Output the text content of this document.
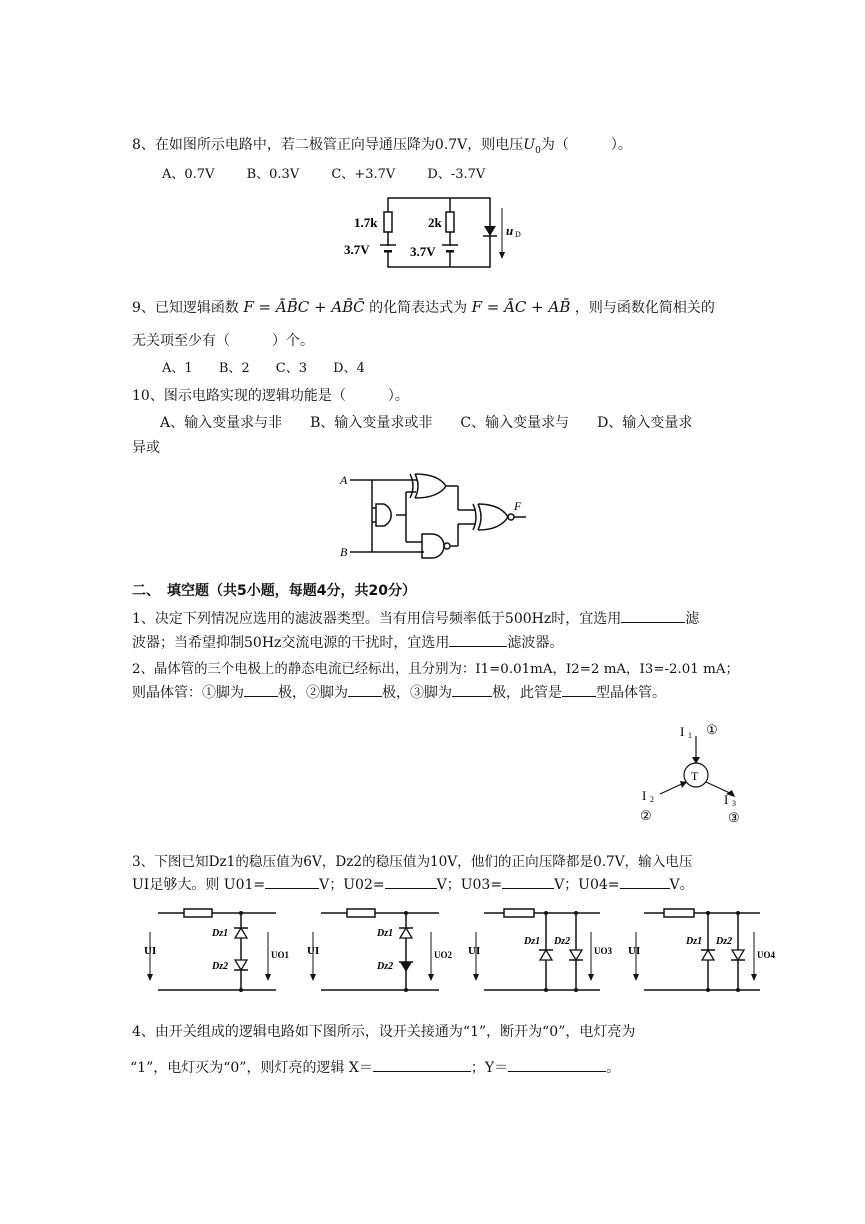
8、在如图所示电路中，若二极管正向导通压降为0.7V，则电压$U_0$为（　　　）。
A、0.7V B、0.3V C、+3.7V D、-3.7V
1.7k	2k
3.7V	3.7V
u D
9、已知逻辑函数 F = ĀB̄C + AB̄C̄ 的化简表达式为 F = ĀC + AB̄ ，则与函数化简相关的
无关项至少有（　　　）个。
A、1 B、2 C、3 D、4
10、图示电路实现的逻辑功能是（　　　）。
A、输入变量求与非　　B、输入变量求或非　　C、输入变量求与　　D、输入变量求
异或
A
B
F
二、　填空题（共5小题，每题4分，共20分）
1、决定下列情况应选用的滤波器类型。当有用信号频率低于500Hz时，宜选用	滤
波器；当希望抑制50Hz交流电源的干扰时，宜选用	滤波器。
2、晶体管的三个电极上的静态电流已经标出，且分别为：I1=0.01mA，I2=2 mA，I3=-2.01 mA；
则晶体管：①脚为 极，②脚为 极，③脚为	极，此管是 型晶体管。
I 1 ①
T
I 2
②
I 3
③
3、下图已知Dz1的稳压值为6V，Dz2的稳压值为10V，他们的正向压降都是0.7V，输入电压
UI足够大。则 U01=	V；U02=	V；U03=	V；U04=	V。
UI
Dz1
Dz2
UO1 UI
Dz1
Dz2
UO2 UI
Dz1 Dz2
UO3 UI
Dz1 Dz2
UO4
4、由开关组成的逻辑电路如下图所示，设开关接通为“1”，断开为“0”，电灯亮为
“1”，电灯灭为“0”，则灯亮的逻辑 X＝	；Y＝	。
